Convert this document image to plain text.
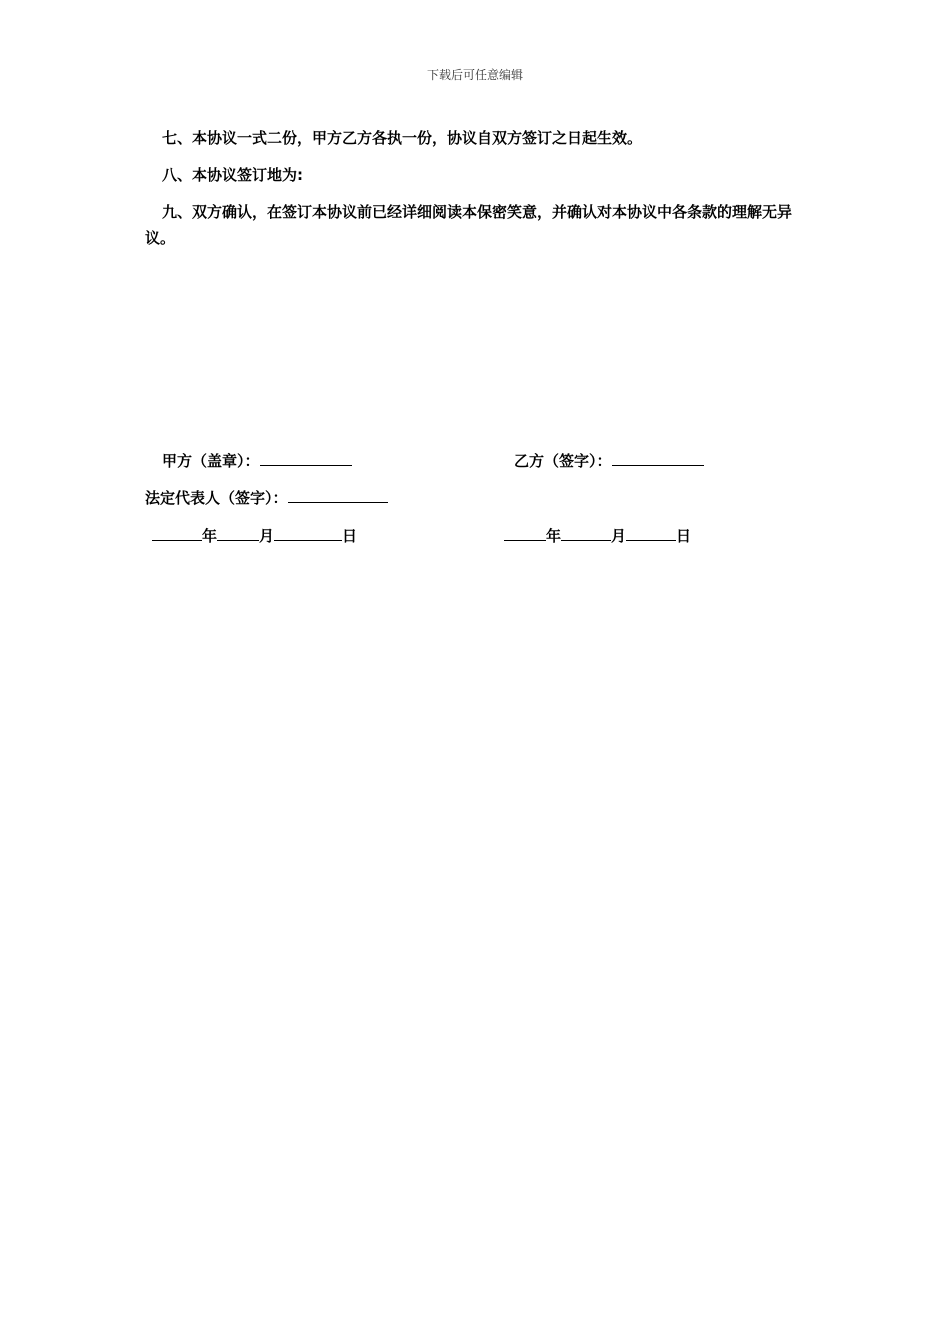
下载后可任意编辑
七、本协议一式二份，甲方乙方各执一份，协议自双方签订之日起生效。
八、本协议签订地为:
九、双方确认，在签订本协议前已经详细阅读本保密笑意，并确认对本协议中各条款的理解无异议。
甲方（盖章）：	乙方（签字）：
法定代表人（签字）：
年	月	日	年	月	日
